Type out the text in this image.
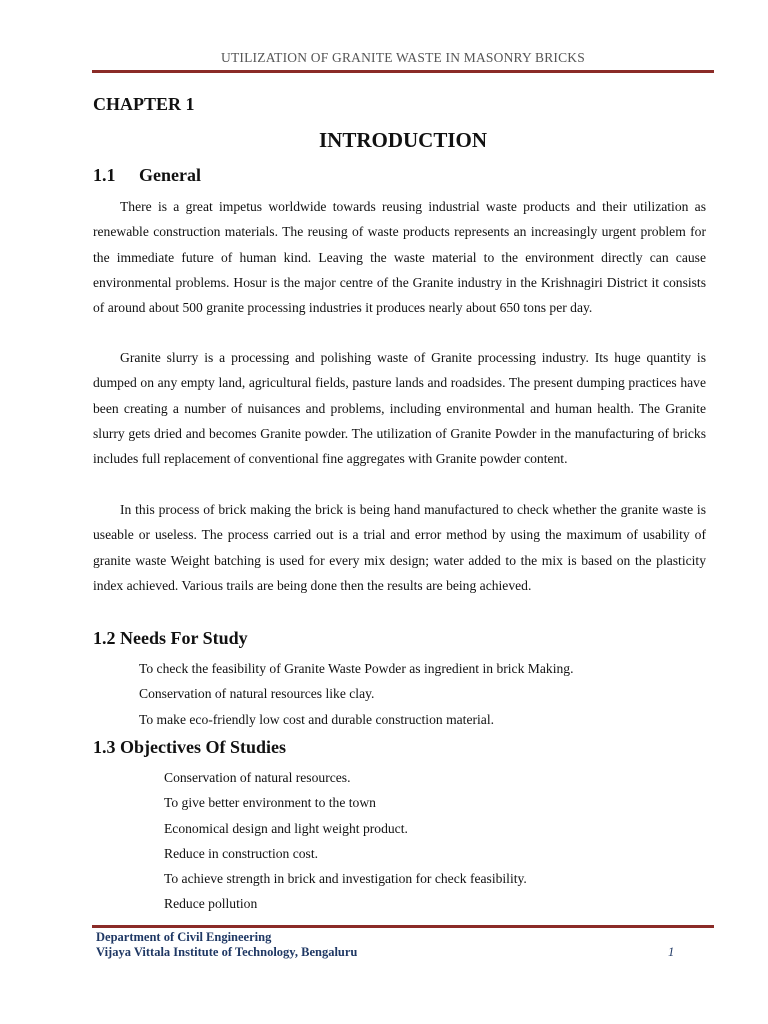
UTILIZATION OF GRANITE WASTE IN MASONRY BRICKS
CHAPTER 1
INTRODUCTION
1.1 General

There is a great impetus worldwide towards reusing industrial waste products and their utilization as renewable construction materials. The reusing of waste products represents an increasingly urgent problem for the immediate future of human kind. Leaving the waste material to the environment directly can cause environmental problems. Hosur is the major centre of the Granite industry in the Krishnagiri District it consists of around about 500 granite processing industries it produces nearly about 650 tons per day.

Granite slurry is a processing and polishing waste of Granite processing industry. Its huge quantity is dumped on any empty land, agricultural fields, pasture lands and roadsides. The present dumping practices have been creating a number of nuisances and problems, including environmental and human health. The Granite slurry gets dried and becomes Granite powder. The utilization of Granite Powder in the manufacturing of bricks includes full replacement of conventional fine aggregates with Granite powder content.

In this process of brick making the brick is being hand manufactured to check whether the granite waste is useable or useless. The process carried out is a trial and error method by using the maximum of usability of granite waste Weight batching is used for every mix design; water added to the mix is based on the plasticity index achieved. Various trails are being done then the results are being achieved.

1.2 Needs For Study
To check the feasibility of Granite Waste Powder as ingredient in brick Making.
Conservation of natural resources like clay.
To make eco-friendly low cost and durable construction material.
1.3 Objectives Of Studies
Conservation of natural resources.
To give better environment to the town
Economical design and light weight product.
Reduce in construction cost.
To achieve strength in brick and investigation for check feasibility.
Reduce pollution
Department of Civil Engineering
Vijaya Vittala Institute of Technology, Bengaluru	1
